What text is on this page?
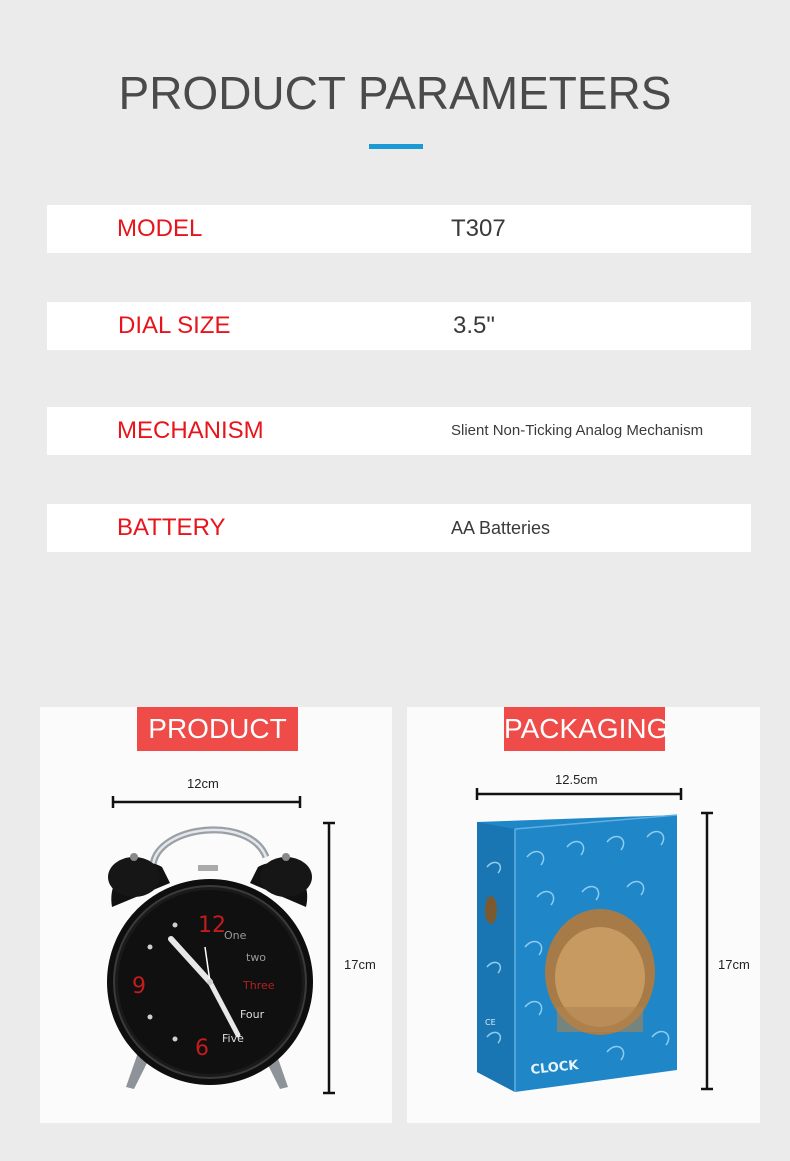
PRODUCT PARAMETERS
MODEL	T307
DIAL SIZE	3.5"
MECHANISM	Slient Non-Ticking Analog Mechanism
BATTERY	AA Batteries
PRODUCT
12
9
6
One
two
Three
Four
Five
12cm
17cm
PACKAGING
CE
CLOCK
12.5cm
17cm
